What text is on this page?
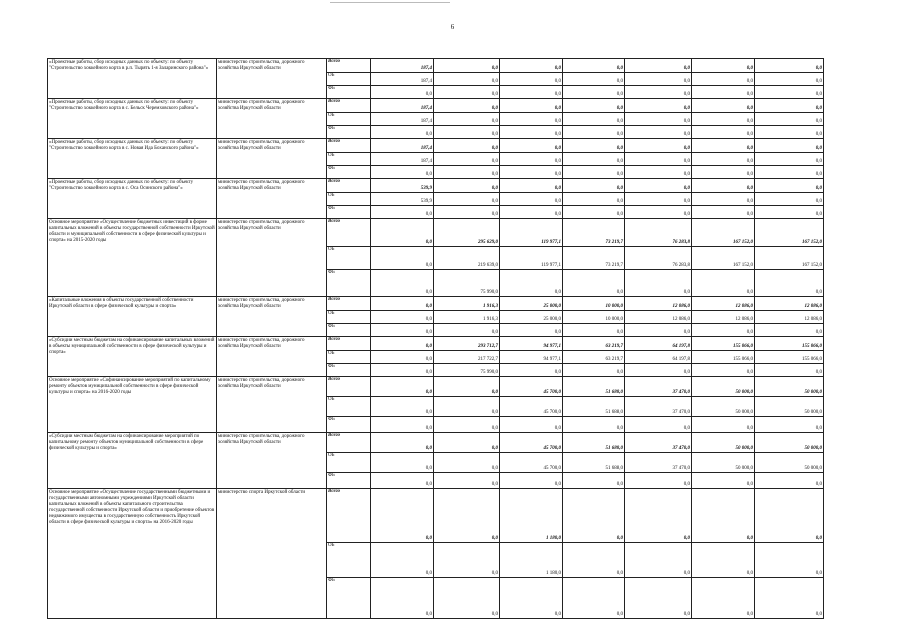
6
«Проектные работы, сбор исходных данных по объекту: по объекту "Строительство хоккейного корта в р.п. Тырять 1-я Заларинского района"»	министерство строительства, дорожного хозяйства Иркутской области	Всего	187,4	0,0	0,0	0,0	0,0	0,0	0,0
		ОБ	187,4	0,0	0,0	0,0	0,0	0,0	0,0
		ФБ	0,0	0,0	0,0	0,0	0,0	0,0	0,0
«Проектные работы, сбор исходных данных по объекту: по объекту "Строительство хоккейного корта в с. Бельск Черемховского района"»	министерство строительства, дорожного хозяйства Иркутской области	Всего	187,4	0,0	0,0	0,0	0,0	0,0	0,0
		ОБ	187,4	0,0	0,0	0,0	0,0	0,0	0,0
		ФБ	0,0	0,0	0,0	0,0	0,0	0,0	0,0
«Проектные работы, сбор исходных данных по объекту: по объекту "Строительство хоккейного корта в с. Новая Ида Боханского района"»	министерство строительства, дорожного хозяйства Иркутской области	Всего	187,4	0,0	0,0	0,0	0,0	0,0	0,0
		ОБ	187,4	0,0	0,0	0,0	0,0	0,0	0,0
		ФБ	0,0	0,0	0,0	0,0	0,0	0,0	0,0
«Проектные работы, сбор исходных данных по объекту: по объекту "Строительство хоккейного корта в с. Оса Осинского района"»	министерство строительства, дорожного хозяйства Иркутской области	Всего	539,9	0,0	0,0	0,0	0,0	0,0	0,0
		ОБ	539,9	0,0	0,0	0,0	0,0	0,0	0,0
		ФБ	0,0	0,0	0,0	0,0	0,0	0,0	0,0
Основное мероприятие «Осуществление бюджетных инвестиций в форме капитальных вложений в объекты государственной собственности Иркутской области и муниципальной собственности в сфере физической культуры и спорта» на 2015-2020 годы	министерство строительства, дорожного хозяйства Иркутской области	Всего	0,0	295 629,0	119 977,1	73 219,7	76 283,8	167 152,0	167 152,0
		ОБ	0,0	219 639,0	119 977,1	73 219,7	76 283,8	167 152,0	167 152,0
		ФБ	0,0	75 990,0	0,0	0,0	0,0	0,0	0,0
«Капитальные вложения в объекты государственной собственности Иркутской области в сфере физической культуры и спорта»	министерство строительства, дорожного хозяйства Иркутской области	Всего	0,0	1 916,3	25 000,0	10 000,0	12 086,0	12 086,0	12 086,0
		ОБ	0,0	1 916,3	25 000,0	10 000,0	12 086,0	12 086,0	12 086,0
		ФБ	0,0	0,0	0,0	0,0	0,0	0,0	0,0
«Субсидии местным бюджетам на софинансирование капитальных вложений в объекты муниципальной собственности в сфере физической культуры и спорта»	министерство строительства, дорожного хозяйства Иркутской области	Всего	0,0	293 712,7	94 977,1	63 219,7	64 197,8	155 066,0	155 066,0
		ОБ	0,0	217 722,7	94 977,1	63 219,7	64 197,8	155 066,0	155 066,0
		ФБ	0,0	75 990,0	0,0	0,0	0,0	0,0	0,0
Основное мероприятие «Софинансирование мероприятий по капитальному ремонту объектов муниципальной собственности в сфере физической культуры и спорта» на 2016-2020 годы	министерство строительства, дорожного хозяйства Иркутской области	Всего	0,0	0,0	45 700,0	51 688,0	37 470,0	50 000,0	50 000,0
		ОБ	0,0	0,0	45 700,0	51 688,0	37 470,0	50 000,0	50 000,0
		ФБ	0,0	0,0	0,0	0,0	0,0	0,0	0,0
«Субсидии местным бюджетам на софинансирование мероприятий по капитальному ремонту объектов муниципальной собственности в сфере физической культуры и спорта»	министерство строительства, дорожного хозяйства Иркутской области	Всего	0,0	0,0	45 700,0	51 688,0	37 470,0	50 000,0	50 000,0
		ОБ	0,0	0,0	45 700,0	51 688,0	37 470,0	50 000,0	50 000,0
		ФБ	0,0	0,0	0,0	0,0	0,0	0,0	0,0
Основное мероприятие «Осуществление государственными бюджетными и государственными автономными учреждениями Иркутской области капитальных вложений в объекты капитального строительства государственной собственности Иркутской области и приобретение объектов недвижимого имущества в государственную собственность Иркутской области в сфере физической культуры и спорта» на 2016-2020 годы	министерство спорта Иркутской области	Всего	0,0	0,0	1 180,0	0,0	0,0	0,0	0,0
		ОБ	0,0	0,0	1 180,0	0,0	0,0	0,0	0,0
		ФБ	0,0	0,0	0,0	0,0	0,0	0,0	0,0
